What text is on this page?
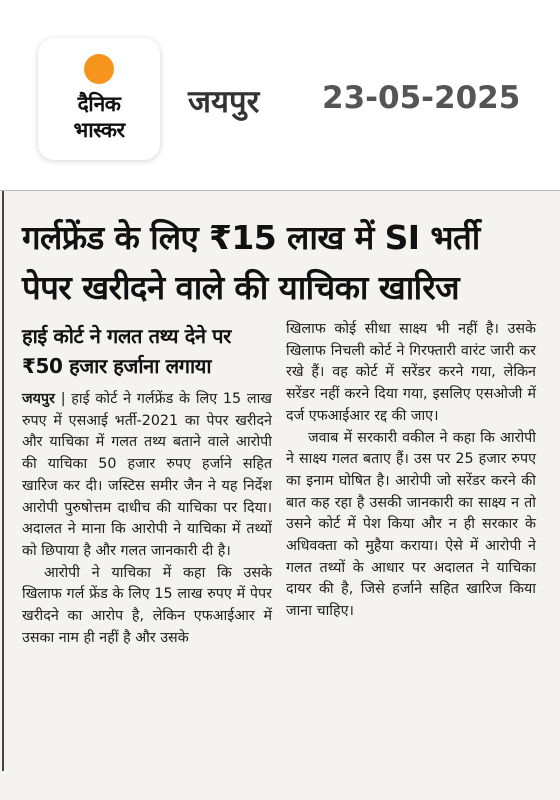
दैनिक
भास्कर
जयपुर 23-05-2025
गर्लफ्रेंड के लिए ₹15 लाख में SI भर्ती पेपर खरीदने वाले की याचिका खारिज
हाई कोर्ट ने गलत तथ्य देने पर ₹50 हजार हर्जाना लगाया

जयपुर | हाई कोर्ट ने गर्लफ्रेंड के लिए 15 लाख रुपए में एसआई भर्ती-2021 का पेपर खरीदने और याचिका में गलत तथ्य बताने वाले आरोपी की याचिका 50 हजार रुपए हर्जाने सहित खारिज कर दी। जस्टिस समीर जैन ने यह निर्देश आरोपी पुरुषोत्तम दाधीच की याचिका पर दिया। अदालत ने माना कि आरोपी ने याचिका में तथ्यों को छिपाया है और गलत जानकारी दी है।

आरोपी ने याचिका में कहा कि उसके खिलाफ गर्ल फ्रेंड के लिए 15 लाख रुपए में पेपर खरीदने का आरोप है, लेकिन एफआईआर में उसका नाम ही नहीं है और उसके

खिलाफ कोई सीधा साक्ष्य भी नहीं है। उसके खिलाफ निचली कोर्ट ने गिरफ्तारी वारंट जारी कर रखे हैं। वह कोर्ट में सरेंडर करने गया, लेकिन सरेंडर नहीं करने दिया गया, इसलिए एसओजी में दर्ज एफआईआर रद्द की जाए।

जवाब में सरकारी वकील ने कहा कि आरोपी ने साक्ष्य गलत बताए हैं। उस पर 25 हजार रुपए का इनाम घोषित है। आरोपी जो सरेंडर करने की बात कह रहा है उसकी जानकारी का साक्ष्य न तो उसने कोर्ट में पेश किया और न ही सरकार के अधिवक्ता को मुहैया कराया। ऐसे में आरोपी ने गलत तथ्यों के आधार पर अदालत ने याचिका दायर की है, जिसे हर्जाने सहित खारिज किया जाना चाहिए।
